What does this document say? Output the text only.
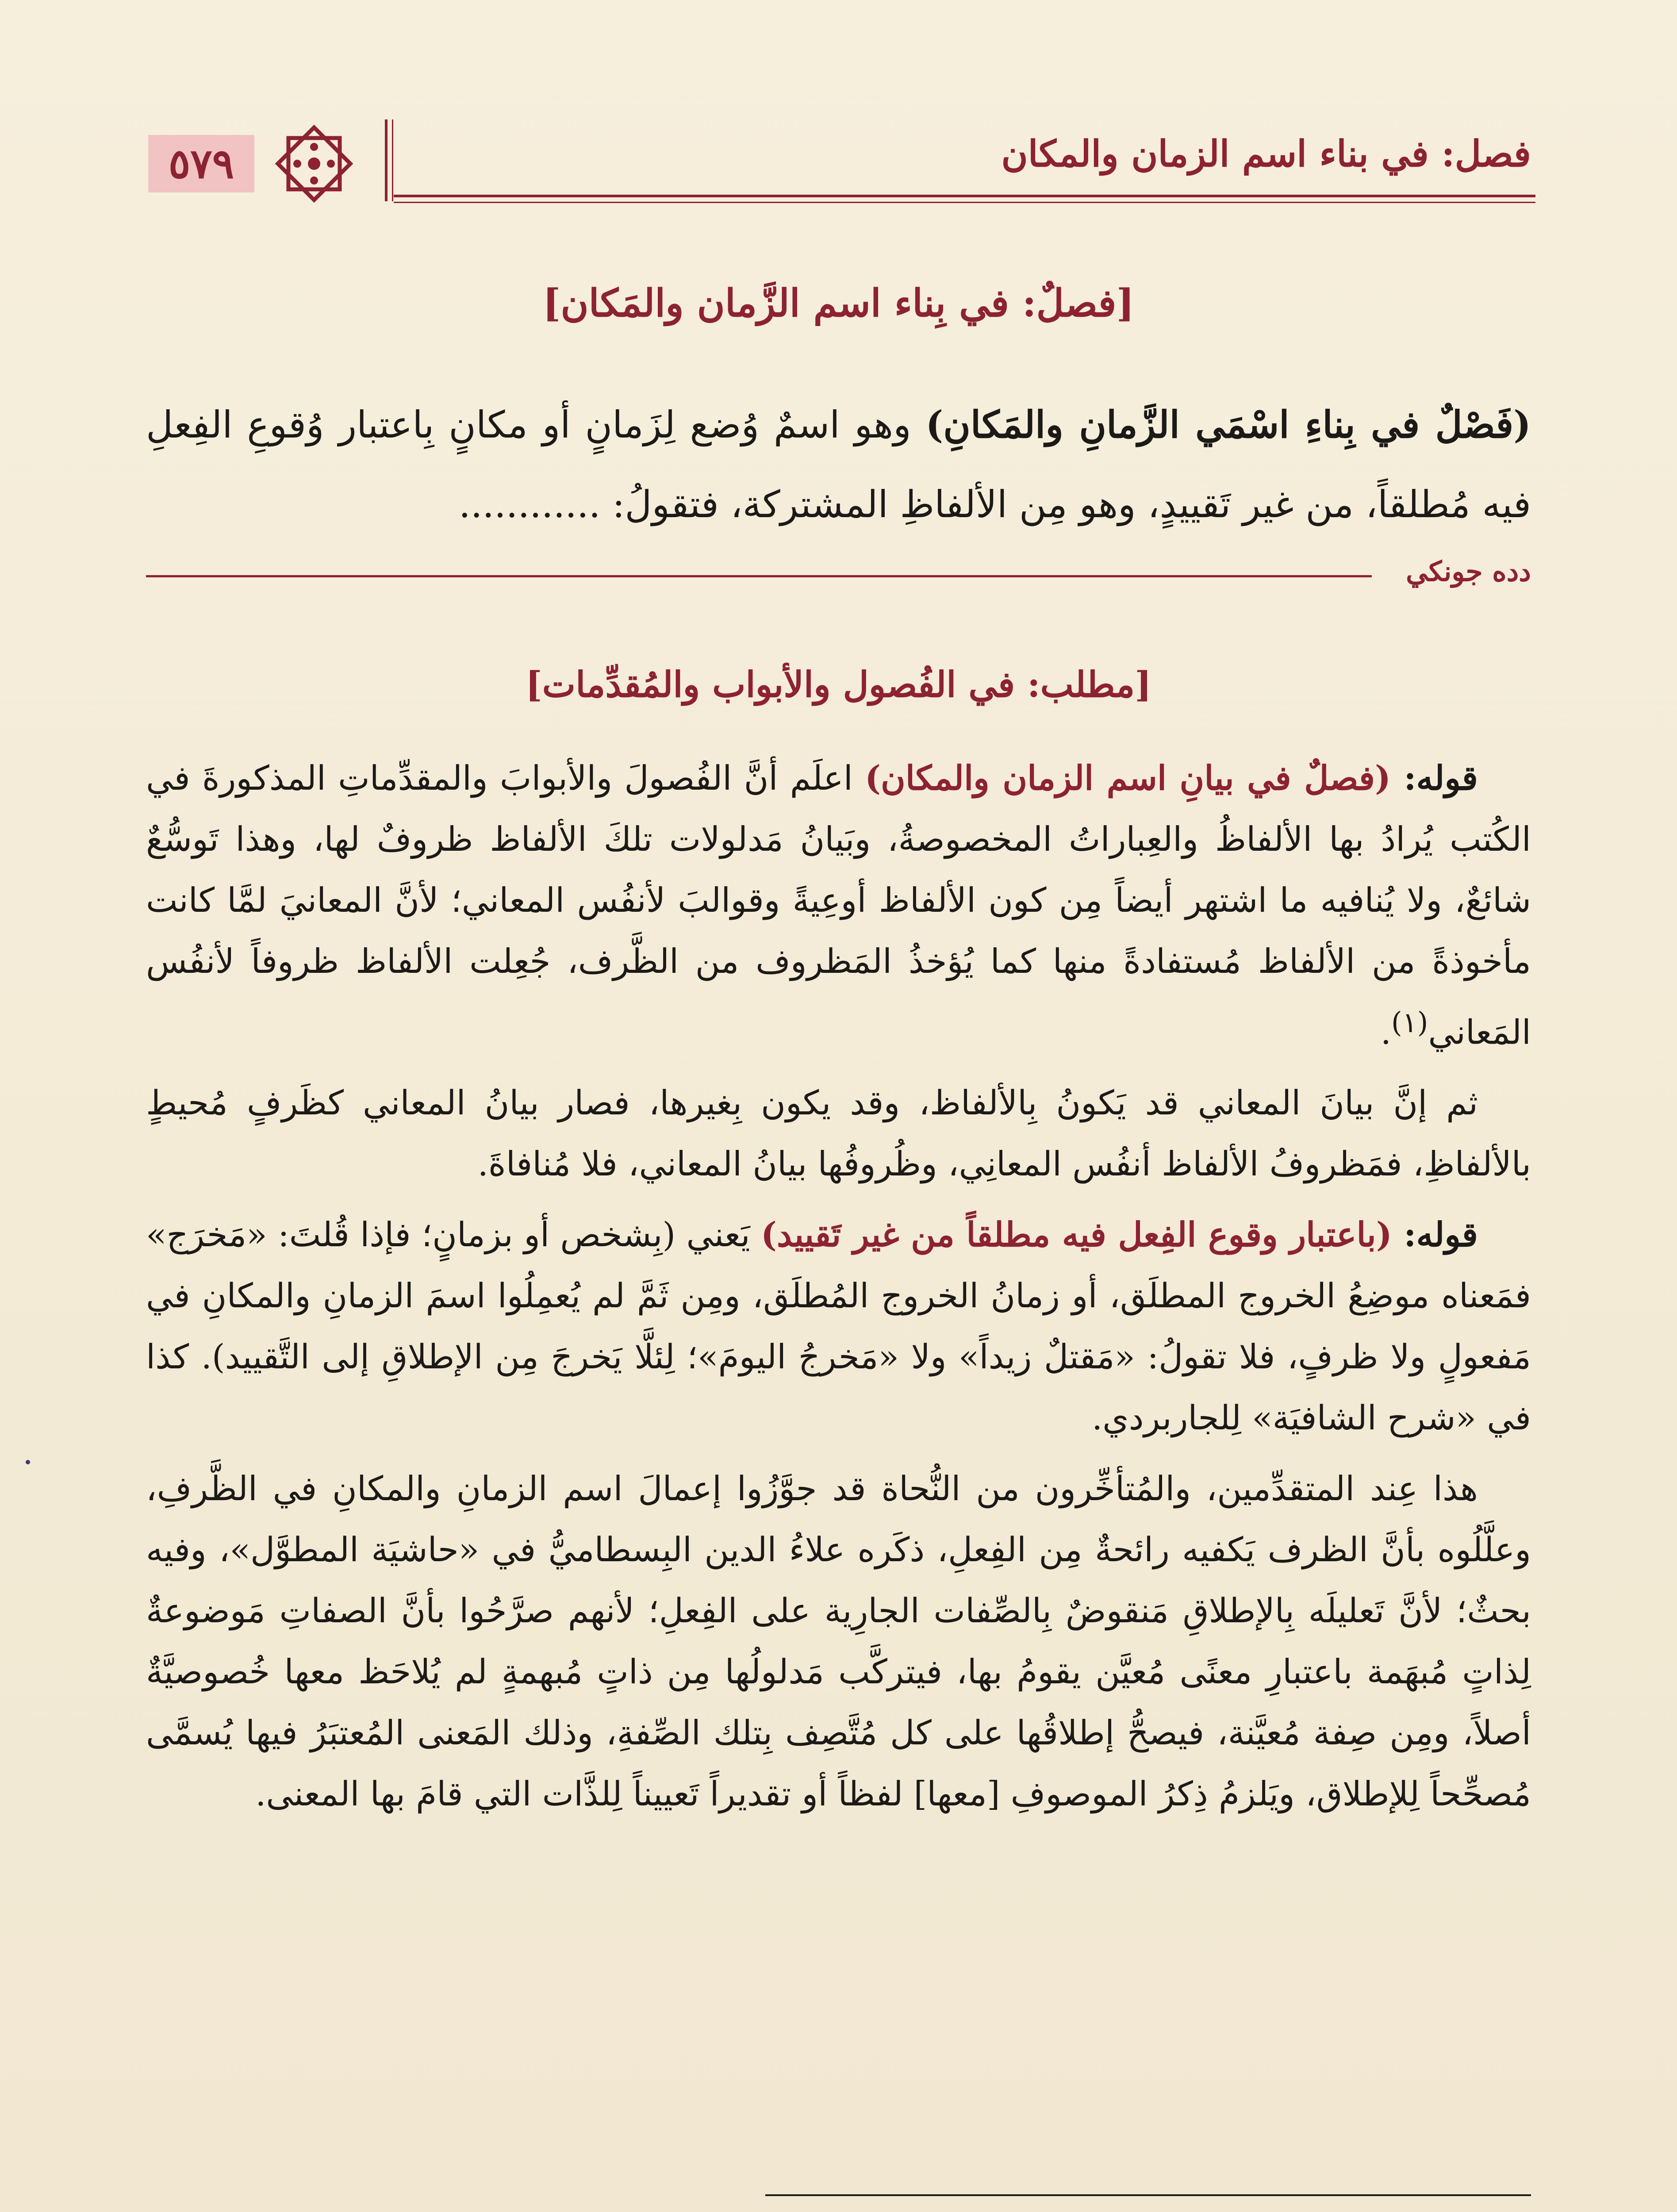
فصل: في بناء اسم الزمان والمكان
٥٧٩
[فصلٌ: في بِناء اسم الزَّمان والمَكان]
(فَصْلٌ في بِناءِ اسْمَي الزَّمانِ والمَكانِ) وهو اسمٌ وُضع لِزَمانٍ أو مكانٍ بِاعتبار وُقوعِ الفِعلِ فيه مُطلقاً، من غير تَقييدٍ، وهو مِن الألفاظِ المشتركة، فتقولُ: ............
دده جونكي
[مطلب: في الفُصول والأبواب والمُقدِّمات]

قوله: (فصلٌ في بيانِ اسم الزمان والمكان) اعلَم أنَّ الفُصولَ والأبوابَ والمقدِّماتِ المذكورةَ في الكُتب يُرادُ بها الألفاظُ والعِباراتُ المخصوصةُ، وبَيانُ مَدلولات تلكَ الألفاظ ظروفٌ لها، وهذا تَوسُّعٌ شائعٌ، ولا يُنافيه ما اشتهر أيضاً مِن كون الألفاظ أوعِيةً وقوالبَ لأنفُس المعاني؛ لأنَّ المعانيَ لمَّا كانت مأخوذةً من الألفاظ مُستفادةً منها كما يُؤخذُ المَظروف من الظَّرف، جُعِلت الألفاظ ظروفاً لأنفُس المَعاني$^{(١)}$.

ثم إنَّ بيانَ المعاني قد يَكونُ بِالألفاظ، وقد يكون بِغيرها، فصار بيانُ المعاني كظَرفٍ مُحيطٍ بالألفاظِ، فمَظروفُ الألفاظ أنفُس المعانِي، وظُروفُها بيانُ المعاني، فلا مُنافاةَ.

قوله: (باعتبار وقوع الفِعل فيه مطلقاً من غير تَقييد) يَعني (بِشخص أو بزمانٍ؛ فإذا قُلتَ: «مَخرَج» فمَعناه موضِعُ الخروج المطلَق، أو زمانُ الخروج المُطلَق، ومِن ثَمَّ لم يُعمِلُوا اسمَ الزمانِ والمكانِ في مَفعولٍ ولا ظرفٍ، فلا تقولُ: «مَقتلٌ زيداً» ولا «مَخرجُ اليومَ»؛ لِئلَّا يَخرجَ مِن الإطلاقِ إلى التَّقييد). كذا في «شرح الشافيَة» لِلجاربردي.

هذا عِند المتقدِّمين، والمُتأخِّرون من النُّحاة قد جوَّزُوا إعمالَ اسم الزمانِ والمكانِ في الظَّرفِ، وعلَّلُوه بأنَّ الظرف يَكفيه رائحةٌ مِن الفِعلِ، ذكَره علاءُ الدين البِسطاميُّ في «حاشيَة المطوَّل»، وفيه بحثٌ؛ لأنَّ تَعليلَه بِالإطلاقِ مَنقوضٌ بِالصِّفات الجارِية على الفِعلِ؛ لأنهم صرَّحُوا بأنَّ الصفاتِ مَوضوعةٌ لِذاتٍ مُبهَمة باعتبارِ معنًى مُعيَّن يقومُ بها، فيتركَّب مَدلولُها مِن ذاتٍ مُبهمةٍ لم يُلاحَظ معها خُصوصيَّةٌ أصلاً، ومِن صِفة مُعيَّنة، فيصحُّ إطلاقُها على كل مُتَّصِف بِتلك الصِّفةِ، وذلك المَعنى المُعتبَرُ فيها يُسمَّى مُصحِّحاً لِلإطلاق، ويَلزمُ ذِكرُ الموصوفِ [معها] لفظاً أو تقديراً تَعييناً لِلذَّات التي قامَ بها المعنى.
